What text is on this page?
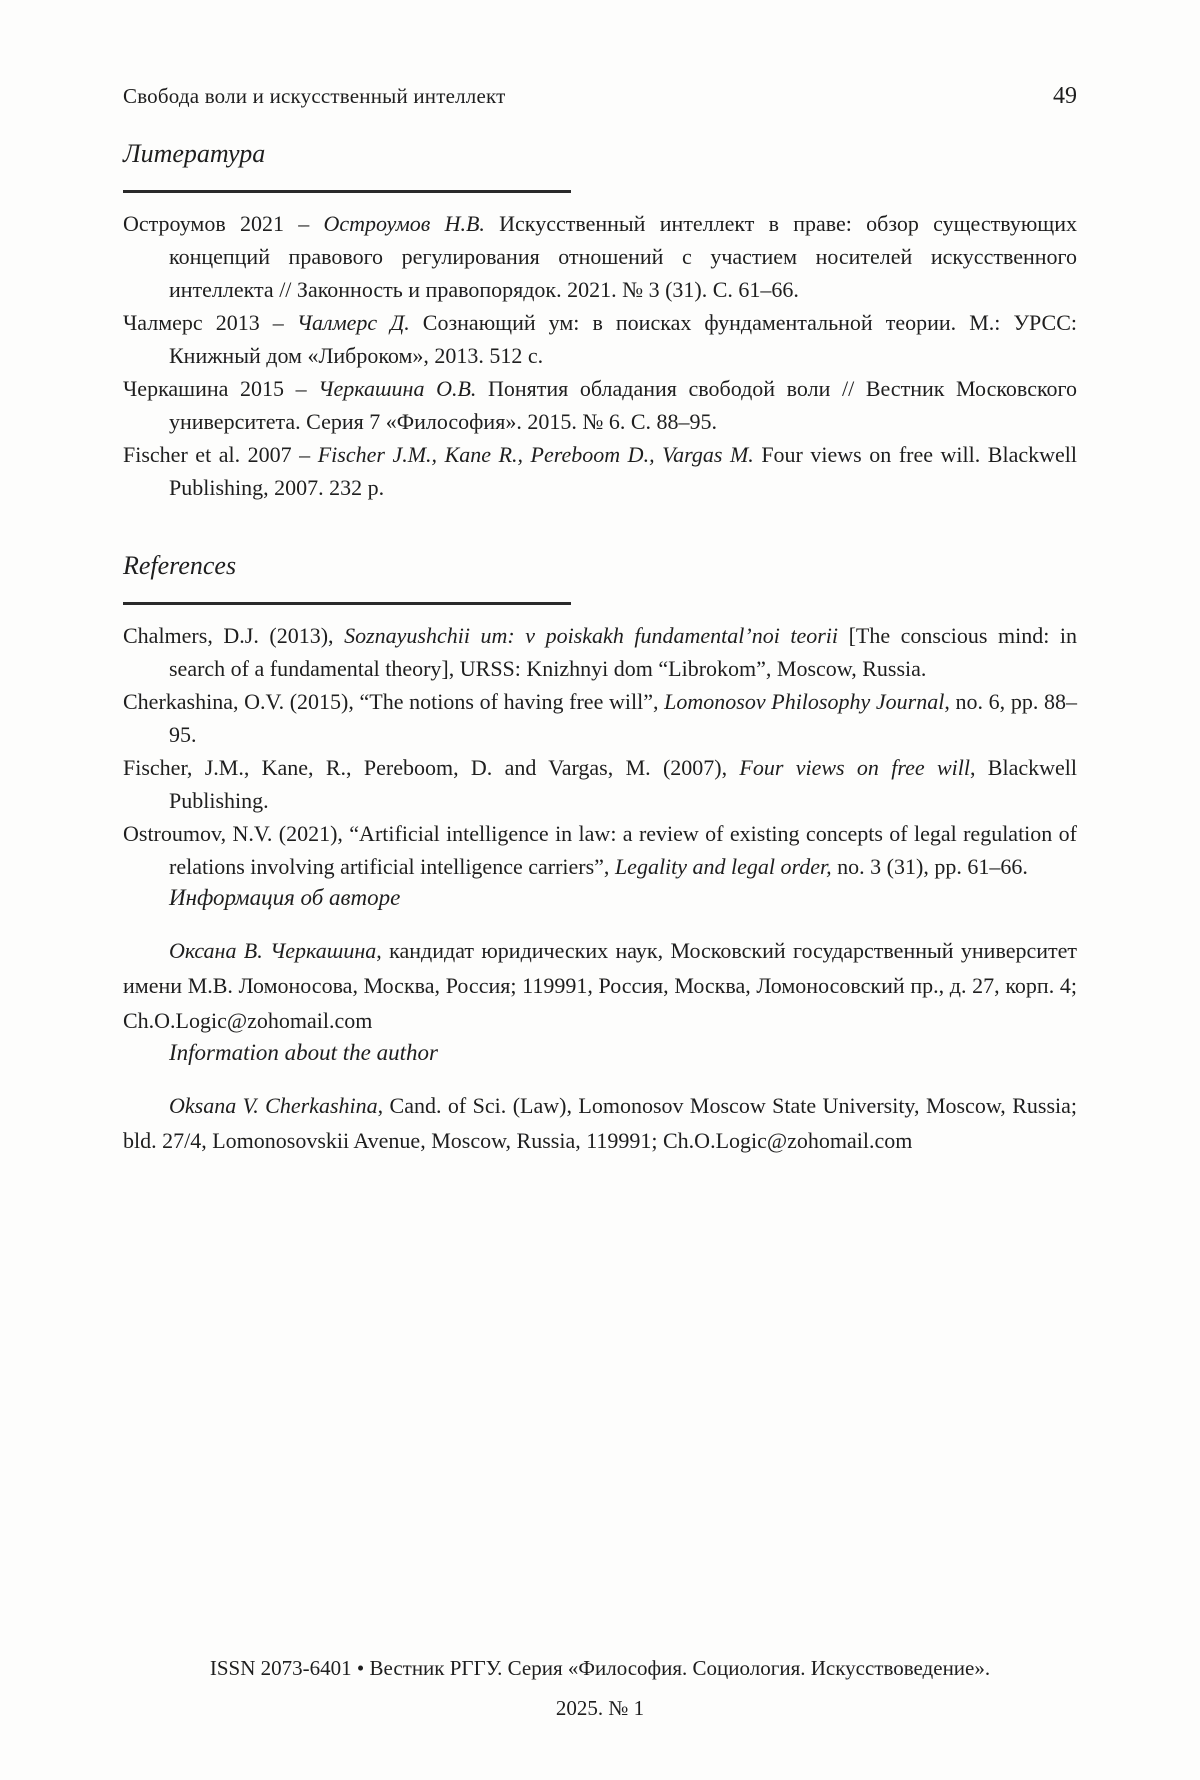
Свобода воли и искусственный интеллект	49
Литература

Остроумов 2021 – Остроумов Н.В. Искусственный интеллект в праве: обзор существующих концепций правового регулирования отношений с участием носителей искусственного интеллекта // Законность и правопорядок. 2021. № 3 (31). С. 61–66.

Чалмерс 2013 – Чалмерс Д. Сознающий ум: в поисках фундаментальной теории. М.: УРСС: Книжный дом «Либроком», 2013. 512 с.

Черкашина 2015 – Черкашина О.В. Понятия обладания свободой воли // Вестник Московского университета. Серия 7 «Философия». 2015. № 6. С. 88–95.

Fischer et al. 2007 – Fischer J.M., Kane R., Pereboom D., Vargas M. Four views on free will. Blackwell Publishing, 2007. 232 p.

References

Chalmers, D.J. (2013), Soznayushchii um: v poiskakh fundamental’noi teorii [The conscious mind: in search of a fundamental theory], URSS: Knizhnyi dom “Librokom”, Moscow, Russia.

Cherkashina, O.V. (2015), “The notions of having free will”, Lomonosov Philosophy Journal, no. 6, pp. 88–95.

Fischer, J.M., Kane, R., Pereboom, D. and Vargas, M. (2007), Four views on free will, Blackwell Publishing.

Ostroumov, N.V. (2021), “Artificial intelligence in law: a review of existing concepts of legal regulation of relations involving artificial intelligence carriers”, Legality and legal order, no. 3 (31), pp. 61–66.

Информация об авторе

Оксана В. Черкашина, кандидат юридических наук, Московский государственный университет имени М.В. Ломоносова, Москва, Россия; 119991, Россия, Москва, Ломоносовский пр., д. 27, корп. 4; Ch.O.Logic@zohomail.com

Information about the author

Oksana V. Cherkashina, Cand. of Sci. (Law), Lomonosov Moscow State University, Moscow, Russia; bld. 27/4, Lomonosovskii Avenue, Moscow, Russia, 119991; Ch.O.Logic@zohomail.com

ISSN 2073-6401 • Вестник РГГУ. Серия «Философия. Социология. Искусствоведение».
2025. № 1
